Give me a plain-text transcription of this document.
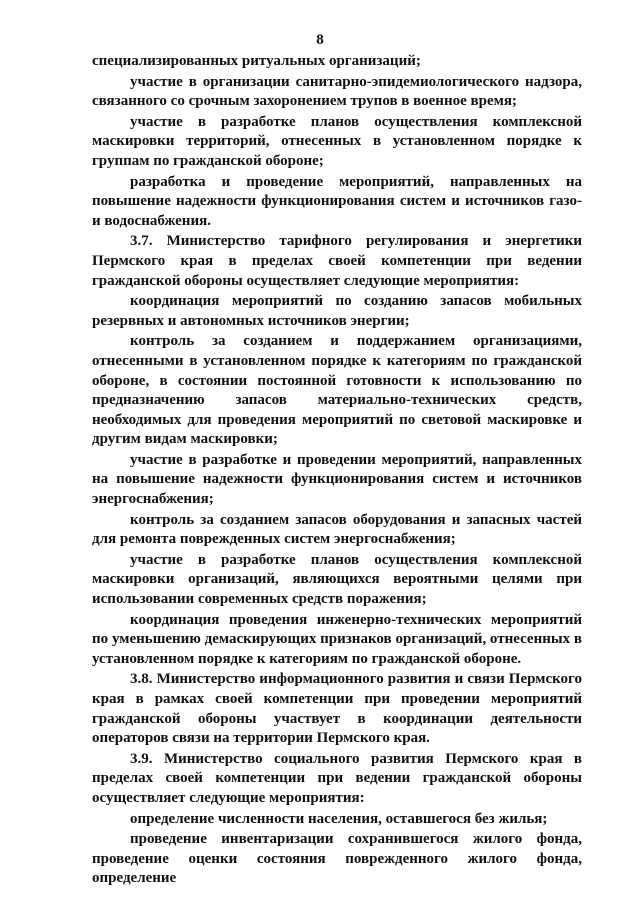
8

специализированных ритуальных организаций;

участие в организации санитарно-эпидемиологического надзора, связанного со срочным захоронением трупов в военное время;

участие в разработке планов осуществления комплексной маскировки территорий, отнесенных в установленном порядке к группам по гражданской обороне;

разработка и проведение мероприятий, направленных на повышение надежности функционирования систем и источников газо- и водоснабжения.

3.7. Министерство тарифного регулирования и энергетики Пермского края в пределах своей компетенции при ведении гражданской обороны осуществляет следующие мероприятия:

координация мероприятий по созданию запасов мобильных резервных и автономных источников энергии;

контроль за созданием и поддержанием организациями, отнесенными в установленном порядке к категориям по гражданской обороне, в состоянии постоянной готовности к использованию по предназначению запасов материально-технических средств, необходимых для проведения мероприятий по световой маскировке и другим видам маскировки;

участие в разработке и проведении мероприятий, направленных на повышение надежности функционирования систем и источников энергоснабжения;

контроль за созданием запасов оборудования и запасных частей для ремонта поврежденных систем энергоснабжения;

участие в разработке планов осуществления комплексной маскировки организаций, являющихся вероятными целями при использовании современных средств поражения;

координация проведения инженерно-технических мероприятий по уменьшению демаскирующих признаков организаций, отнесенных в установленном порядке к категориям по гражданской обороне.

3.8. Министерство информационного развития и связи Пермского края в рамках своей компетенции при проведении мероприятий гражданской обороны участвует в координации деятельности операторов связи на территории Пермского края.

3.9. Министерство социального развития Пермского края в пределах своей компетенции при ведении гражданской обороны осуществляет следующие мероприятия:

определение численности населения, оставшегося без жилья;

проведение инвентаризации сохранившегося жилого фонда, проведение оценки состояния поврежденного жилого фонда, определение
